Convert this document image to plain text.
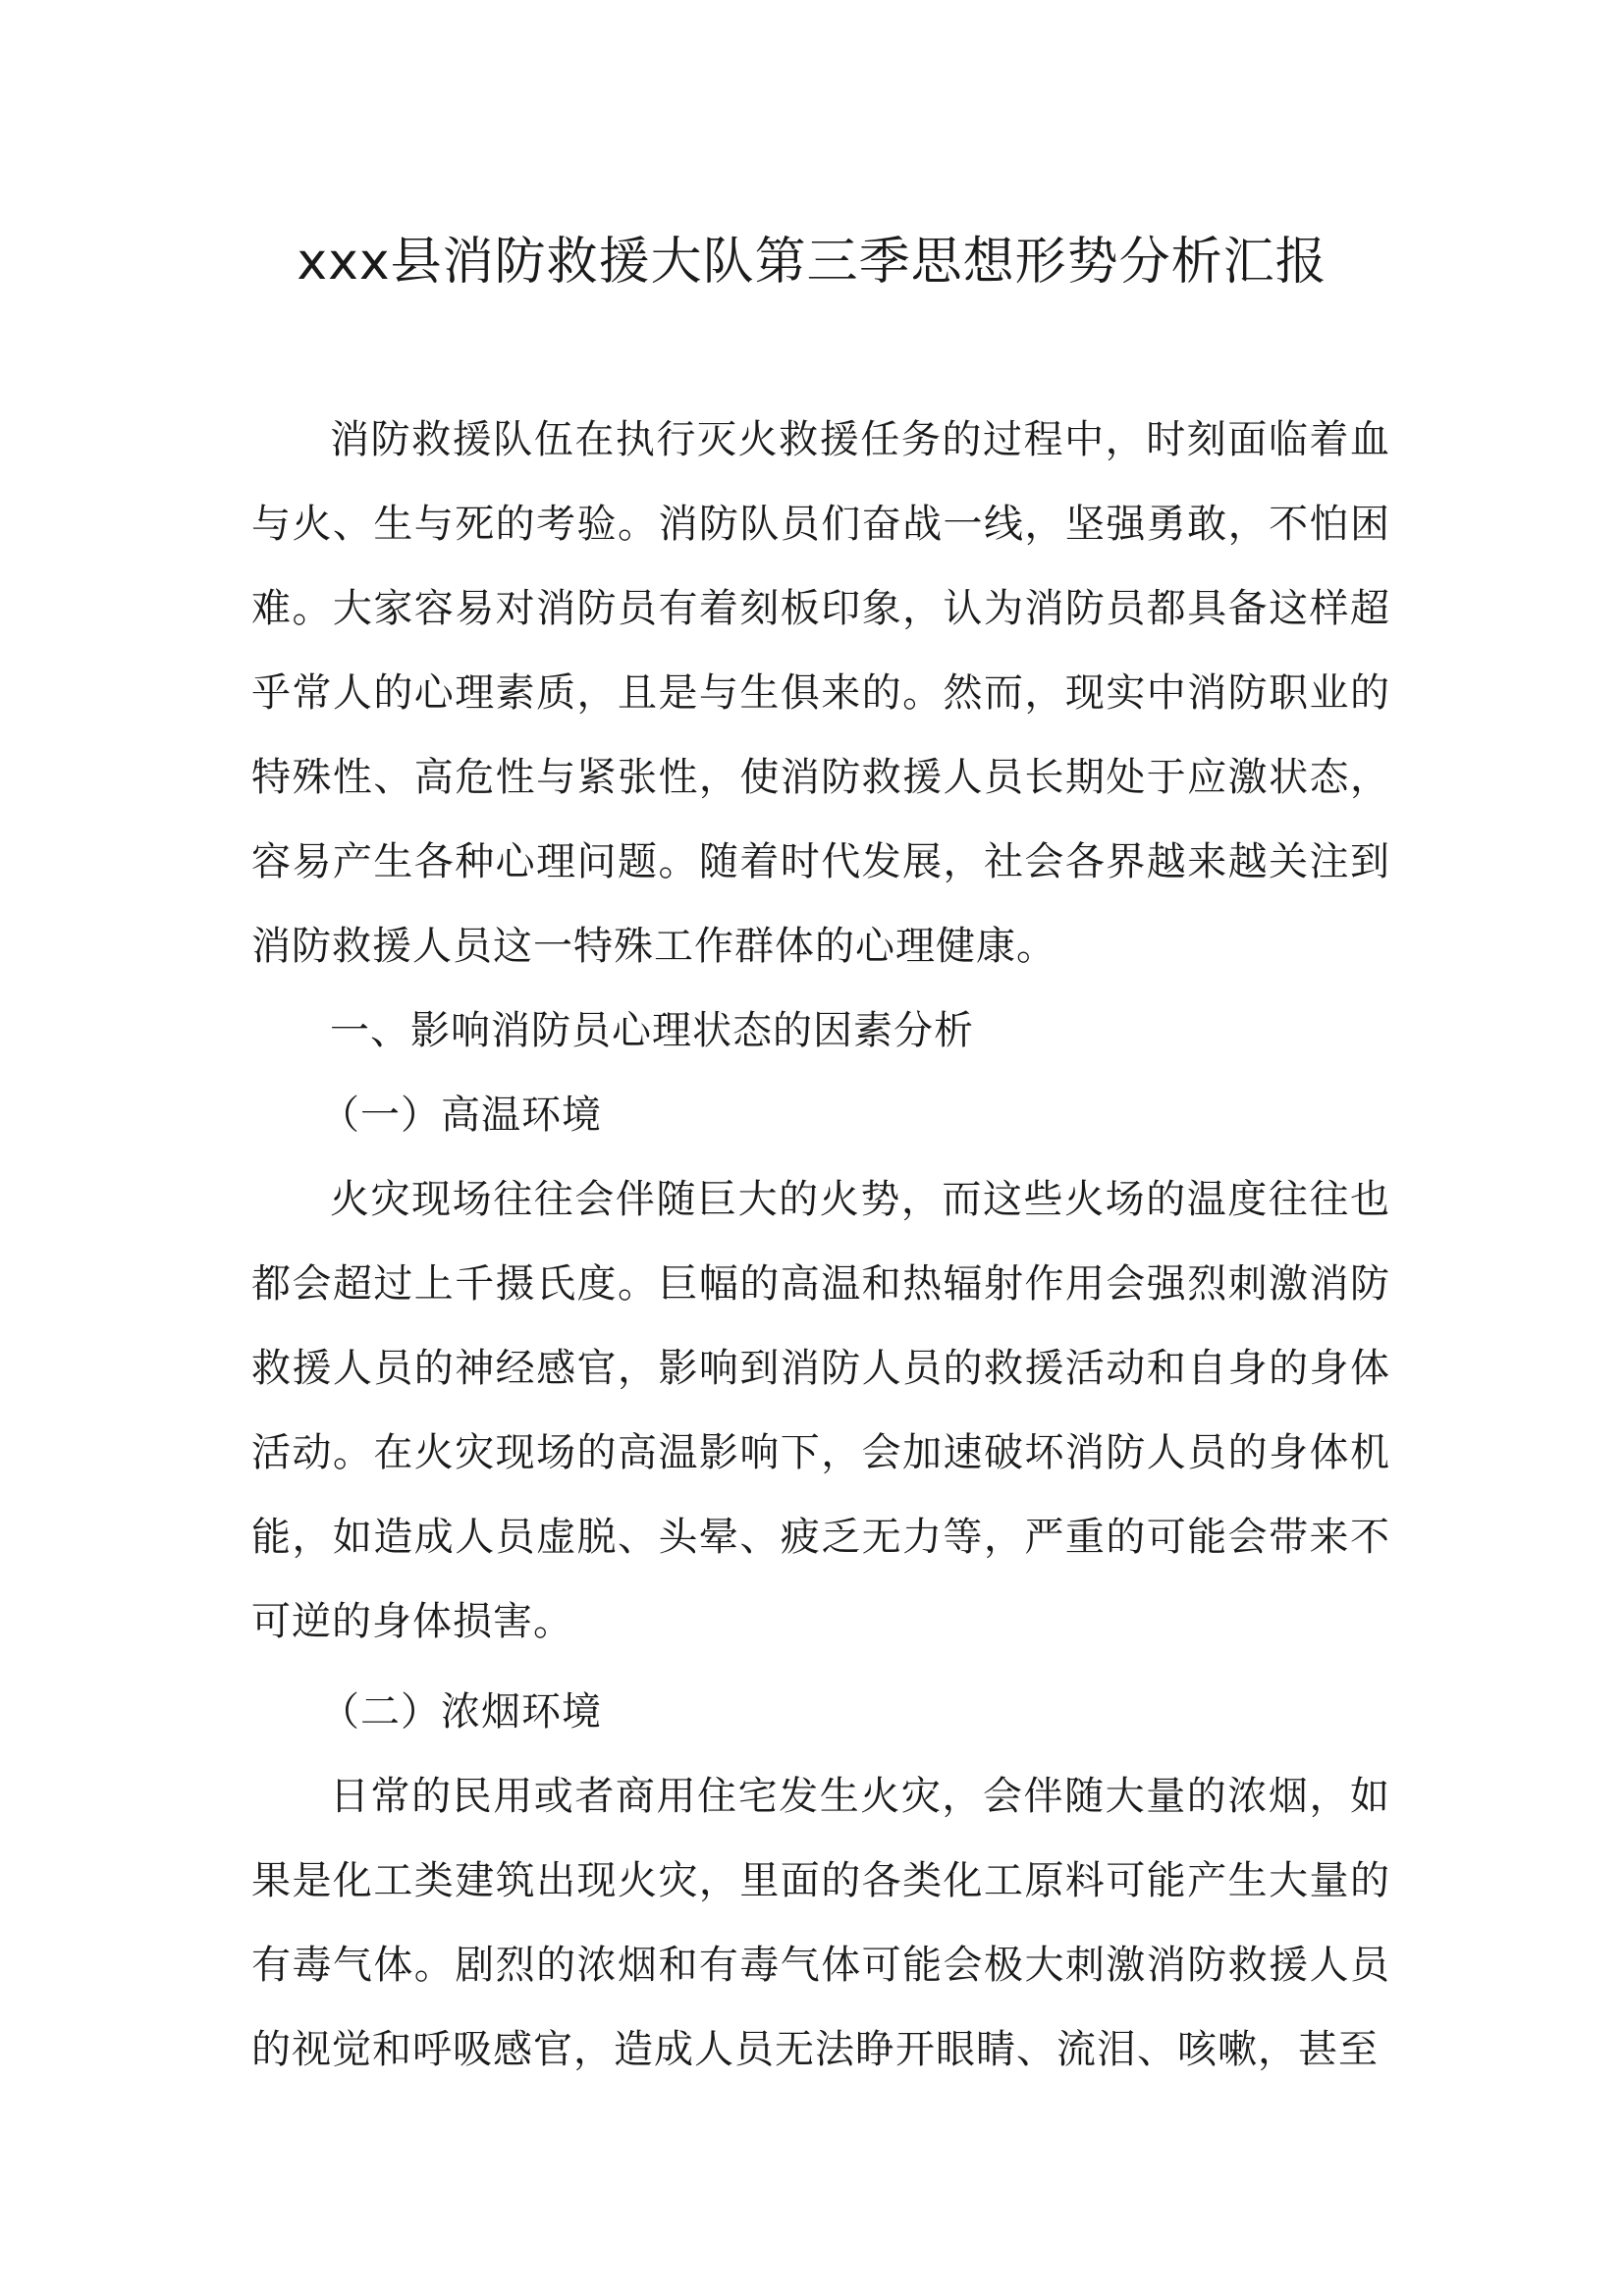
xxx县消防救援大队第三季思想形势分析汇报

消防救援队伍在执行灭火救援任务的过程中，时刻面临着血与火、生与死的考验。消防队员们奋战一线，坚强勇敢，不怕困难。大家容易对消防员有着刻板印象，认为消防员都具备这样超乎常人的心理素质，且是与生俱来的。然而，现实中消防职业的特殊性、高危性与紧张性，使消防救援人员长期处于应激状态，容易产生各种心理问题。随着时代发展，社会各界越来越关注到消防救援人员这一特殊工作群体的心理健康。

一、影响消防员心理状态的因素分析

（一）高温环境

火灾现场往往会伴随巨大的火势，而这些火场的温度往往也都会超过上千摄氏度。巨幅的高温和热辐射作用会强烈刺激消防救援人员的神经感官，影响到消防人员的救援活动和自身的身体活动。在火灾现场的高温影响下，会加速破坏消防人员的身体机能，如造成人员虚脱、头晕、疲乏无力等，严重的可能会带来不可逆的身体损害。

（二）浓烟环境

日常的民用或者商用住宅发生火灾，会伴随大量的浓烟，如果是化工类建筑出现火灾，里面的各类化工原料可能产生大量的有毒气体。剧烈的浓烟和有毒气体可能会极大刺激消防救援人员的视觉和呼吸感官，造成人员无法睁开眼睛、流泪、咳嗽，甚至
